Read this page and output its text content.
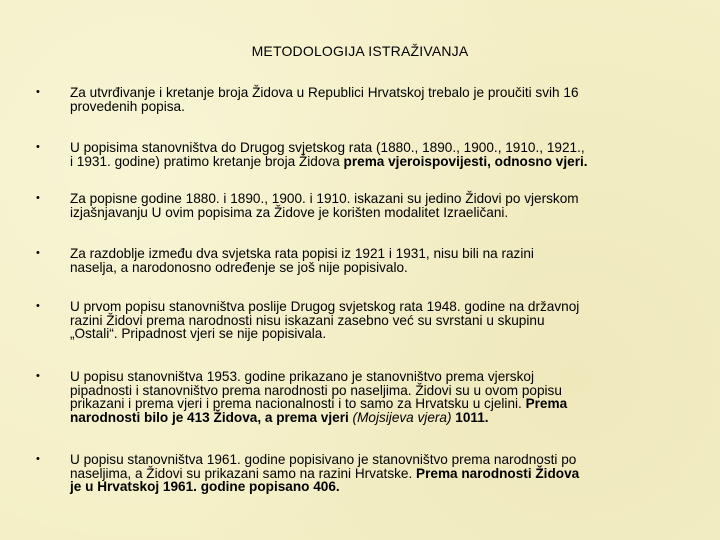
METODOLOGIJA ISTRAŽIVANJA
•	Za utvrđivanje i kretanje broja Židova u Republici Hrvatskoj trebalo je proučiti svih 16
provedenih popisa.
•	U popisima stanovništva do Drugog svjetskog rata (1880., 1890., 1900., 1910., 1921.,
i 1931. godine) pratimo kretanje broja Židova prema vjeroispovijesti, odnosno vjeri.
•	Za popisne godine 1880. i 1890., 1900. i 1910. iskazani su jedino Židovi po vjerskom
izjašnjavanju U ovim popisima za Židove je korišten modalitet Izraeličani.
•	Za razdoblje između dva svjetska rata popisi iz 1921 i 1931, nisu bili na razini
naselja, a narodonosno određenje se još nije popisivalo.
•	U prvom popisu stanovništva poslije Drugog svjetskog rata 1948. godine na državnoj
razini Židovi prema narodnosti nisu iskazani zasebno već su svrstani u skupinu
„Ostali“. Pripadnost vjeri se nije popisivala.
•	U popisu stanovništva 1953. godine prikazano je stanovništvo prema vjerskoj
pipadnosti i stanovništvo prema narodnosti po naseljima. Židovi su u ovom popisu
prikazani i prema vjeri i prema nacionalnosti i to samo za Hrvatsku u cjelini. Prema
narodnosti bilo je 413 Židova, a prema vjeri (Mojsijeva vjera) 1011.
•	U popisu stanovništva 1961. godine popisivano je stanovništvo prema narodnosti po
naseljima, a Židovi su prikazani samo na razini Hrvatske. Prema narodnosti Židova
je u Hrvatskoj 1961. godine popisano 406.
